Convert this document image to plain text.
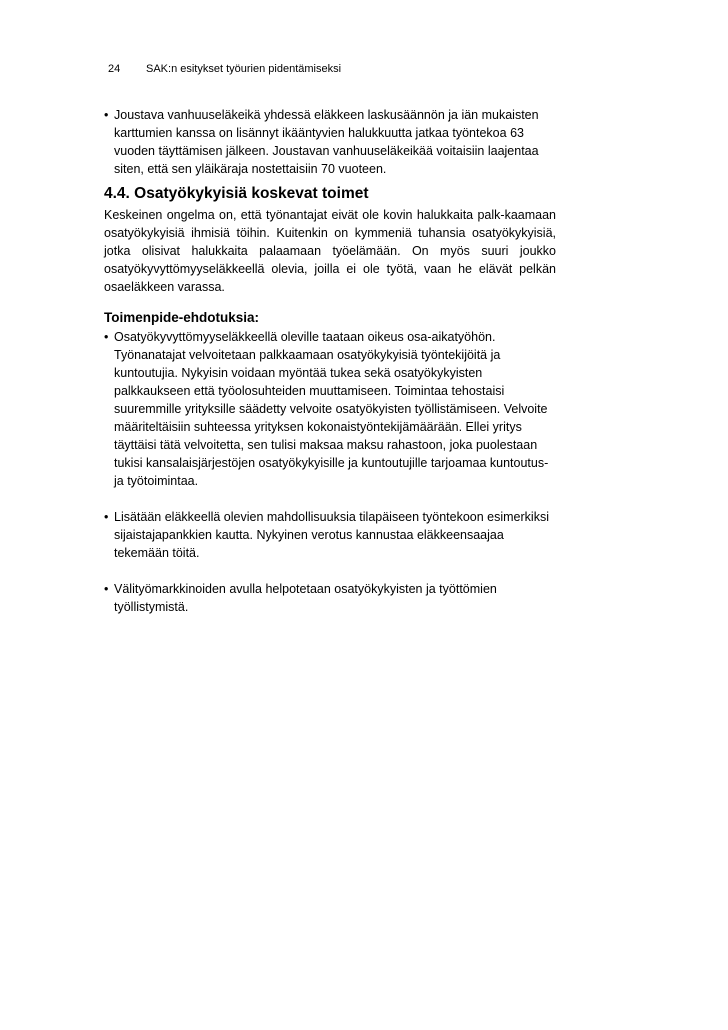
24 SAK:n esitykset työurien pidentämiseksi

• Joustava vanhuuseläkeikä yhdessä eläkkeen laskusäännön ja iän mukaisten karttumien kanssa on lisännyt ikääntyvien halukkuutta jatkaa työntekoa 63 vuoden täyttämisen jälkeen. Joustavan vanhuuseläkeikää voitaisiin laajentaa siten, että sen yläikäraja nostettaisiin 70 vuoteen.

4.4. Osatyökykyisiä koskevat toimet

Keskeinen ongelma on, että työnantajat eivät ole kovin halukkaita palk-kaamaan osatyökykyisiä ihmisiä töihin. Kuitenkin on kymmeniä tuhansia osatyökykyisiä, jotka olisivat halukkaita palaamaan työelämään. On myös suuri joukko osatyökyvyttömyyseläkkeellä olevia, joilla ei ole työtä, vaan he elävät pelkän osaeläkkeen varassa.

Toimenpide-ehdotuksia:

• Osatyökyvyttömyyseläkkeellä oleville taataan oikeus osa-aikatyöhön. Työnanatajat velvoitetaan palkkaamaan osatyökykyisiä työntekijöitä ja kuntoutujia. Nykyisin voidaan myöntää tukea sekä osatyökykyisten palkkaukseen että työolosuhteiden muuttamiseen. Toimintaa tehostaisi suuremmille yrityksille säädetty velvoite osatyökyisten työllistämiseen. Velvoite määriteltäisiin suhteessa yrityksen kokonaistyöntekijämäärään. Ellei yritys täyttäisi tätä velvoitetta, sen tulisi maksaa maksu rahastoon, joka puolestaan tukisi kansalaisjärjestöjen osatyökykyisille ja kuntoutujille tarjoamaa kuntoutus- ja työtoimintaa.

• Lisätään eläkkeellä olevien mahdollisuuksia tilapäiseen työntekoon esimerkiksi sijaistajapankkien kautta. Nykyinen verotus kannustaa eläkkeensaajaa tekemään töitä.

• Välityömarkkinoiden avulla helpotetaan osatyökykyisten ja työttömien työllistymistä.
